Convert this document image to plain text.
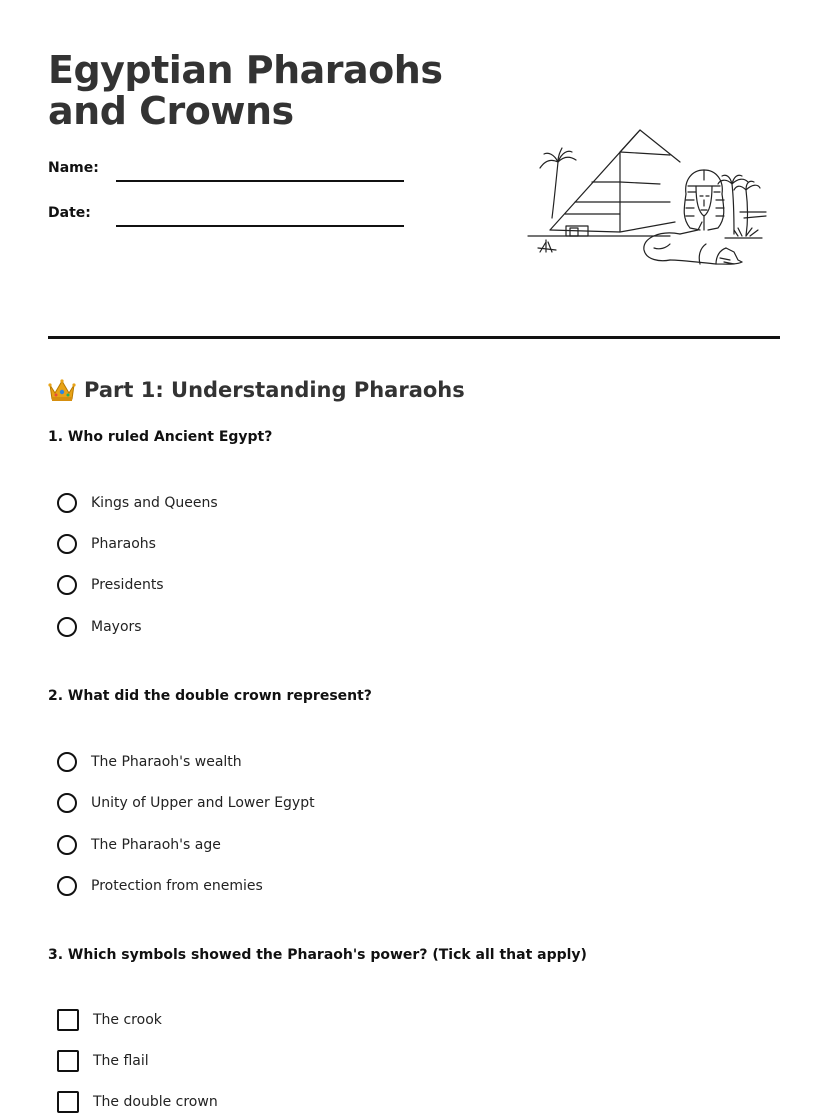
Egyptian Pharaohs and Crowns
Name:
Date:
Part 1: Understanding Pharaohs
1. Who ruled Ancient Egypt?
Kings and Queens
Pharaohs
Presidents
Mayors
2. What did the double crown represent?
The Pharaoh's wealth
Unity of Upper and Lower Egypt
The Pharaoh's age
Protection from enemies
3. Which symbols showed the Pharaoh's power? (Tick all that apply)
The crook
The flail
The double crown
